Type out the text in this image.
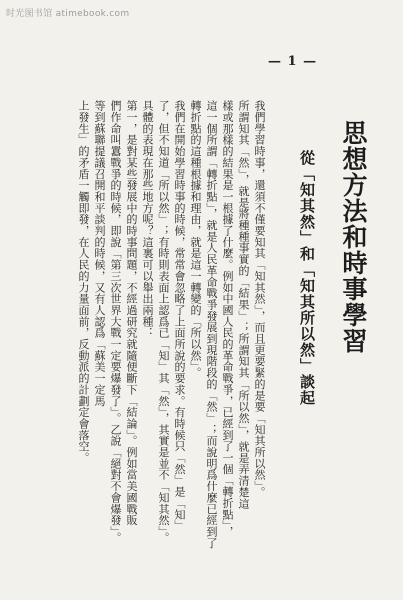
时光图书馆 atimebook.com
— 1 —
思想方法和時事學習
從「知其然」和「知其所以然」談起
我們學習時事，還須不僅要知其「知其然」，而且更要緊的是要「知其所以然」。
所謂知其「然」，就是將種種事實的「結果」；所謂知其「所以然」，就是弄清楚這
樣或那樣的結果是一根據了什麼。例如中國人民的革命戰爭，已經到了一個「轉折點」，
這一個所謂「轉折點」，就是人民革命戰爭發展到現階段的「然」；而說明爲什麼已經到了
轉折點的這種根據和理由，就是這一轉變的「所以然」。
我們在開始學習時事的時候，常常會忽略了上面所說的要求。有時候只「然」是「知」
了，但不知道「所以然」；有時則表面上認爲已「知」其「然」，其實是並不「知其然」。
具體的表現在那些地方呢？這裏可以舉出兩種：
第一，是對某些發展中的時事問題，不經過研究就隨便斷下「結論」。例如當美國戰販
們作命叫囂戰爭的時候，即說「第三次世界大戰一定要爆發了」。乙說「絕對不會爆發」。
等到蘇聯提議召開和平談判的時候，又有人認爲「蘇美一定馬
上發生」的矛盾一觸即發，在人民的力量面前，反動派的計劃定會落空。
